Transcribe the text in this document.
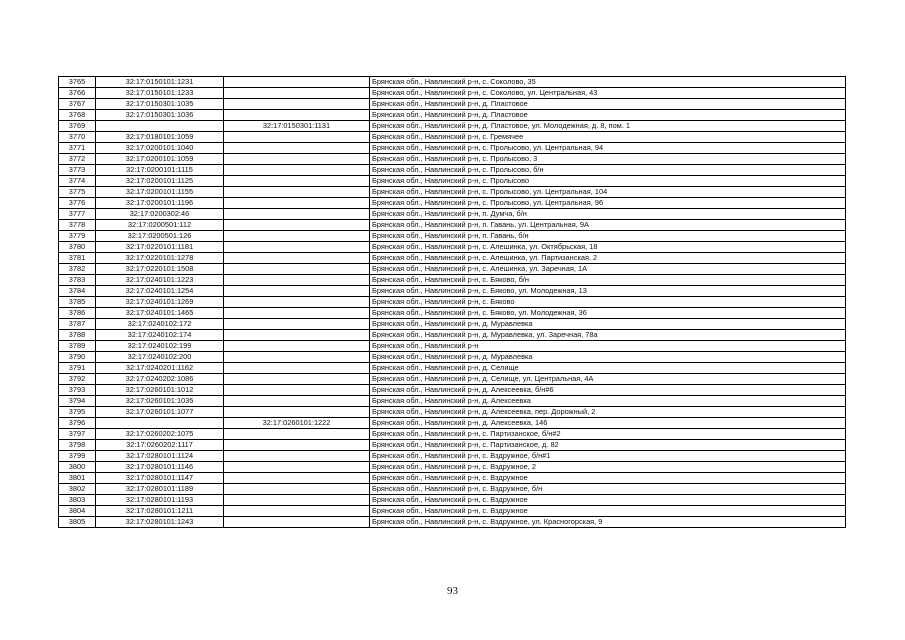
3765	32:17:0150101:1231		Брянская обл., Навлинский р-н, с. Соколово, 35
3766	32:17:0150101:1233		Брянская обл., Навлинский р-н, с. Соколово, ул. Центральная, 43
3767	32:17:0150301:1035		Брянская обл., Навлинский р-н, д. Пластовое
3768	32:17:0150301:1036		Брянская обл., Навлинский р-н, д. Пластовое
3769		32:17:0150301:1131	Брянская обл., Навлинский р-н, д. Пластовое, ул. Молодежная, д. 8, пом. 1
3770	32:17:0180101:1059		Брянская обл., Навлинский р-н, с. Гремячее
3771	32:17:0200101:1040		Брянская обл., Навлинский р-н, с. Пролысово, ул. Центральная, 94
3772	32:17:0200101:1059		Брянская обл., Навлинский р-н, с. Пролысово, 3
3773	32:17:0200101:1115		Брянская обл., Навлинский р-н, с. Пролысово, б/н
3774	32:17:0200101:1125		Брянская обл., Навлинский р-н, с. Пролысово
3775	32:17:0200101:1155		Брянская обл., Навлинский р-н, с. Пролысово, ул. Центральная, 104
3776	32:17:0200101:1196		Брянская обл., Навлинский р-н, с. Пролысово, ул. Центральная, 96
3777	32:17:0200302:46		Брянская обл., Навлинский р-н, п. Думча, б/н
3778	32:17:0200501:112		Брянская обл., Навлинский р-н, п. Гавань, ул. Центральная, 9А
3779	32:17:0200501:126		Брянская обл., Навлинский р-н, п. Гавань, б/н
3780	32:17:0220101:1181		Брянская обл., Навлинский р-н, с. Алешинка, ул. Октябрьская, 18
3781	32:17:0220101:1278		Брянская обл., Навлинский р-н, с. Алешинка, ул. Партизанская, 2
3782	32:17:0220101:1508		Брянская обл., Навлинский р-н, с. Алешинка, ул. Заречная, 1А
3783	32:17:0240101:1223		Брянская обл., Навлинский р-н, с. Бяково, б/н
3784	32:17:0240101:1254		Брянская обл., Навлинский р-н, с. Бяково, ул. Молодежная, 13
3785	32:17:0240101:1269		Брянская обл., Навлинский р-н, с. Бяково
3786	32:17:0240101:1465		Брянская обл., Навлинский р-н, с. Бяково, ул. Молодежная, 36
3787	32:17:0240102:172		Брянская обл., Навлинский р-н, д. Муравлевка
3788	32:17:0240102:174		Брянская обл., Навлинский р-н, д. Муравлевка, ул. Заречная, 78а
3789	32:17:0240102:199		Брянская обл., Навлинский р-н
3790	32:17:0240102:200		Брянская обл., Навлинский р-н, д. Муравлевка
3791	32:17:0240201:1162		Брянская обл., Навлинский р-н, д. Селище
3792	32:17:0240202:1086		Брянская обл., Навлинский р-н, д. Селище, ул. Центральная, 4А
3793	32:17:0260101:1012		Брянская обл., Навлинский р-н, д. Алексеевка, б/н#6
3794	32:17:0260101:1035		Брянская обл., Навлинский р-н, д. Алексеевка
3795	32:17:0260101:1077		Брянская обл., Навлинский р-н, д. Алексеевка, пер. Дорожный, 2
3796		32:17:0260101:1222	Брянская обл., Навлинский р-н, д. Алексеевка, 146
3797	32:17:0260202:1075		Брянская обл., Навлинский р-н, с. Партизанское, б/н#2
3798	32:17:0260202:1117		Брянская обл., Навлинский р-н, с. Партизанское, д. 82
3799	32:17:0280101:1124		Брянская обл., Навлинский р-н, с. Вздружное, б/н#1
3800	32:17:0280101:1146		Брянская обл., Навлинский р-н, с. Вздружное, 2
3801	32:17:0280101:1147		Брянская обл., Навлинский р-н, с. Вздружное
3802	32:17:0280101:1189		Брянская обл., Навлинский р-н, с. Вздружное, б/н
3803	32:17:0280101:1193		Брянская обл., Навлинский р-н, с. Вздружное
3804	32:17:0280101:1211		Брянская обл., Навлинский р-н, с. Вздружное
3805	32:17:0280101:1243		Брянская обл., Навлинский р-н, с. Вздружное, ул. Красногорская, 9
93
